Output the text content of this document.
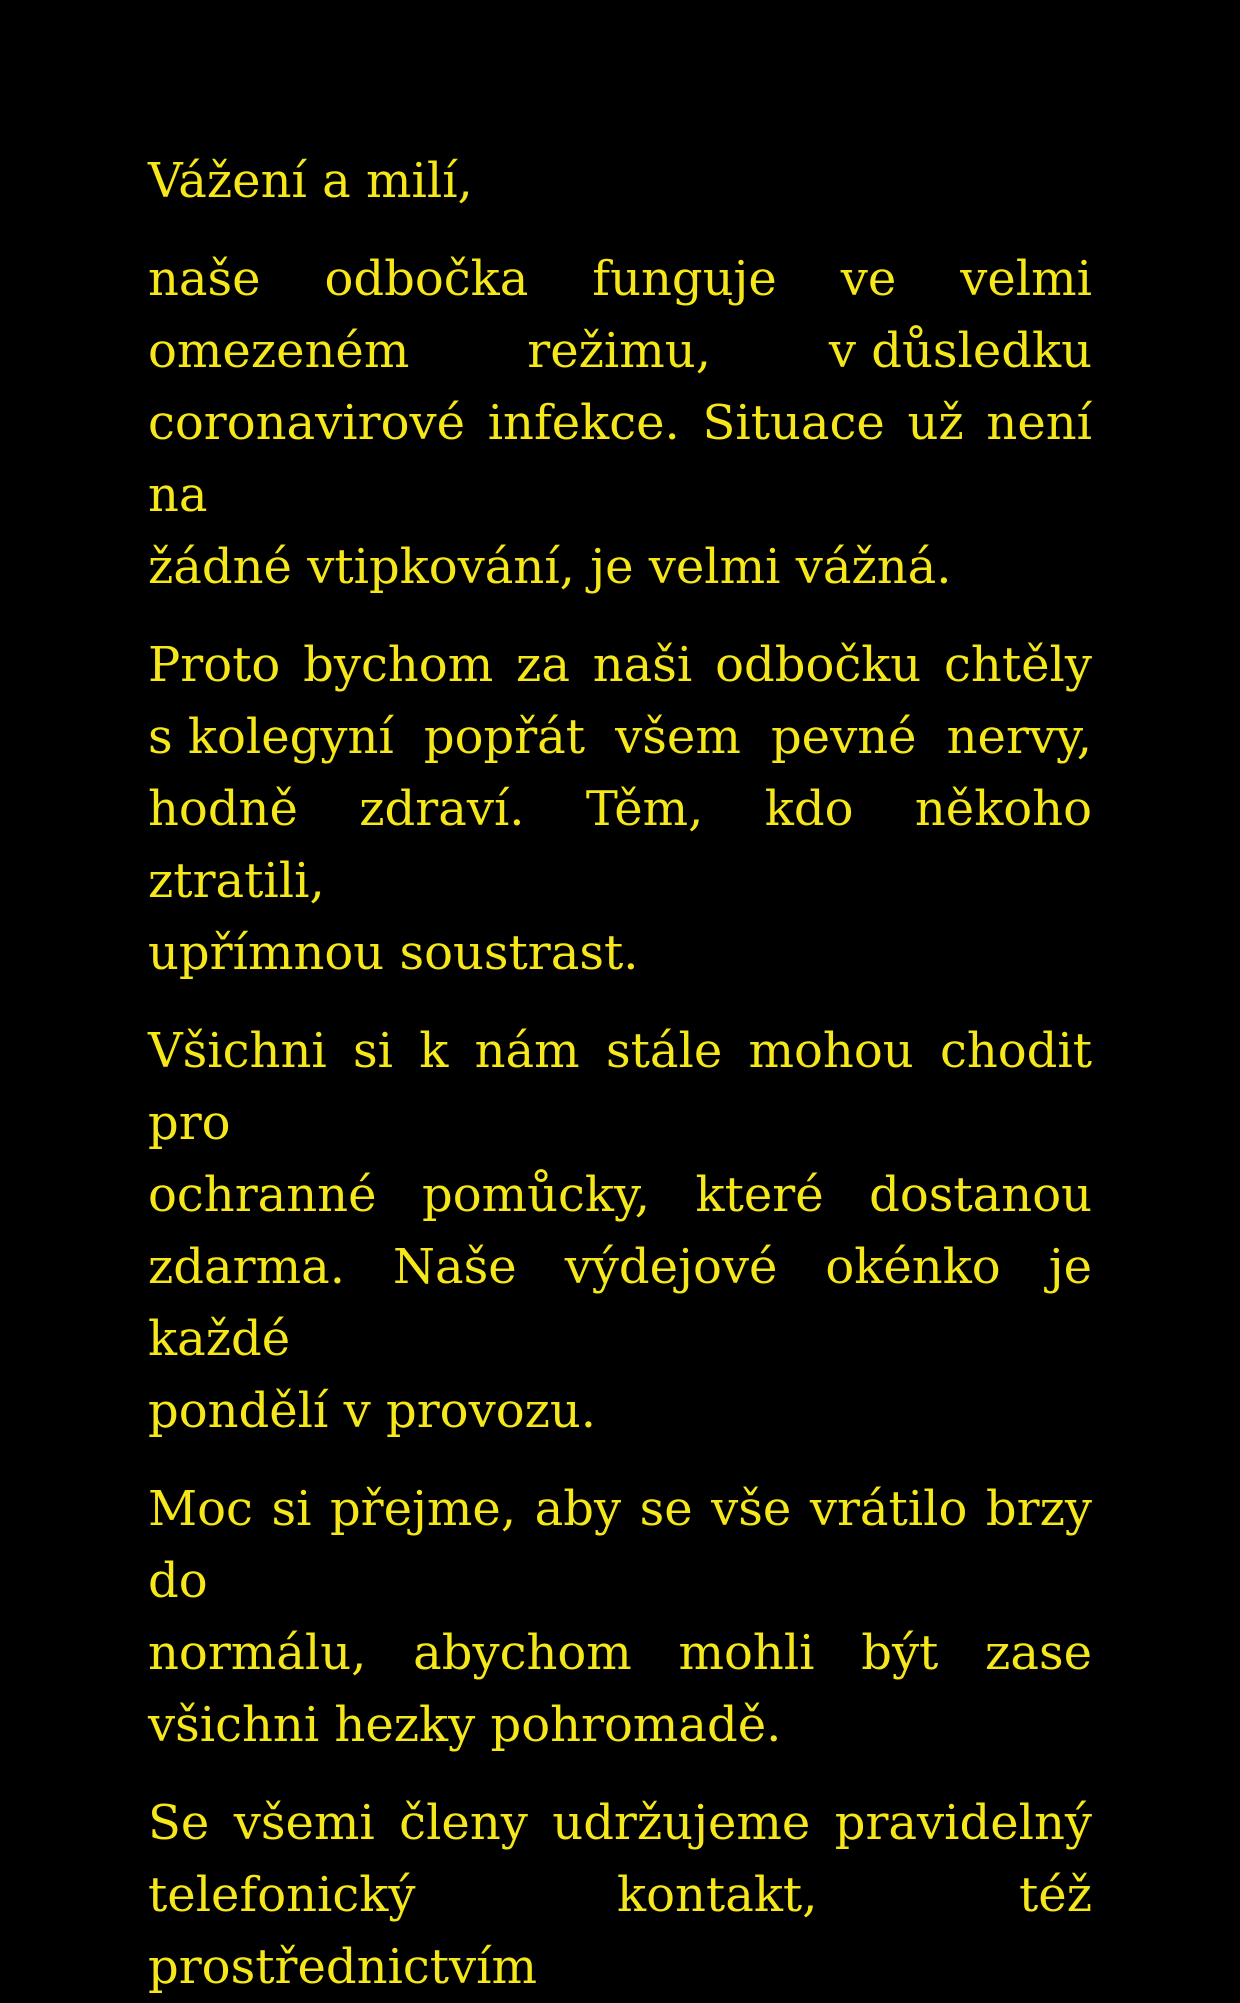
Vážení a milí,

naše odbočka funguje ve velmi
omezeném režimu, v důsledku
coronavirové infekce. Situace už není na
žádné vtipkování, je velmi vážná.

Proto bychom za naši odbočku chtěly
s kolegyní popřát všem pevné nervy,
hodně zdraví. Těm, kdo někoho ztratili,
upřímnou soustrast.

Všichni si k nám stále mohou chodit pro
ochranné pomůcky, které dostanou
zdarma. Naše výdejové okénko je každé
pondělí v provozu.

Moc si přejme, aby se vše vrátilo brzy do
normálu, abychom mohli být zase
všichni hezky pohromadě.

Se všemi členy udržujeme pravidelný
telefonický kontakt, též prostřednictvím
